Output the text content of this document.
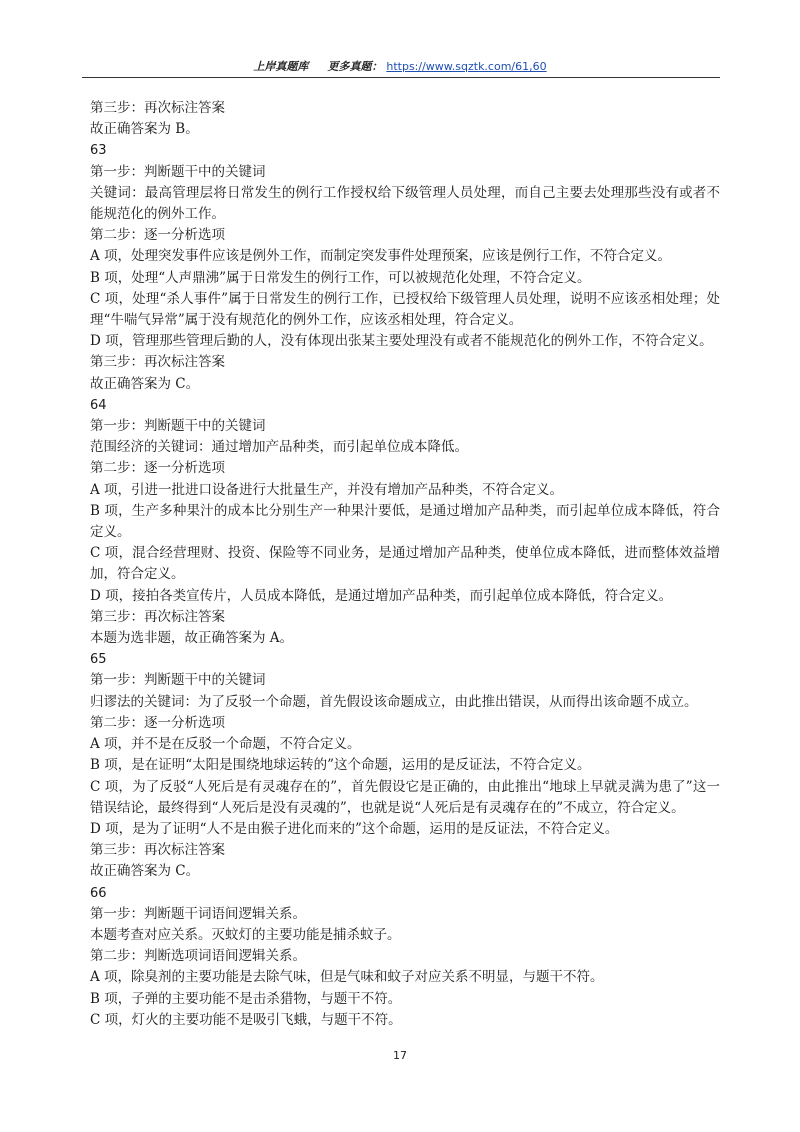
上岸真题库 更多真题： https://www.sqztk.com/61,60

第三步：再次标注答案

故正确答案为 B。

63

第一步：判断题干中的关键词

关键词：最高管理层将日常发生的例行工作授权给下级管理人员处理，而自己主要去处理那些没有或者不能规范化的例外工作。

第二步：逐一分析选项

A 项，处理突发事件应该是例外工作，而制定突发事件处理预案，应该是例行工作，不符合定义。

B 项，处理“人声鼎沸”属于日常发生的例行工作，可以被规范化处理，不符合定义。

C 项，处理“杀人事件”属于日常发生的例行工作，已授权给下级管理人员处理，说明不应该丞相处理；处理“牛喘气异常”属于没有规范化的例外工作，应该丞相处理，符合定义。

D 项，管理那些管理后勤的人，没有体现出张某主要处理没有或者不能规范化的例外工作，不符合定义。

第三步：再次标注答案

故正确答案为 C。

64

第一步：判断题干中的关键词

范围经济的关键词：通过增加产品种类，而引起单位成本降低。

第二步：逐一分析选项

A 项，引进一批进口设备进行大批量生产，并没有增加产品种类，不符合定义。

B 项，生产多种果汁的成本比分别生产一种果汁要低，是通过增加产品种类，而引起单位成本降低，符合定义。

C 项，混合经营理财、投资、保险等不同业务，是通过增加产品种类，使单位成本降低，进而整体效益增加，符合定义。

D 项，接拍各类宣传片，人员成本降低，是通过增加产品种类，而引起单位成本降低，符合定义。

第三步：再次标注答案

本题为选非题，故正确答案为 A。

65

第一步：判断题干中的关键词

归谬法的关键词：为了反驳一个命题，首先假设该命题成立，由此推出错误，从而得出该命题不成立。

第二步：逐一分析选项

A 项，并不是在反驳一个命题，不符合定义。

B 项，是在证明“太阳是围绕地球运转的”这个命题，运用的是反证法，不符合定义。

C 项，为了反驳“人死后是有灵魂存在的”，首先假设它是正确的，由此推出“地球上早就灵满为患了”这一错误结论，最终得到“人死后是没有灵魂的”，也就是说“人死后是有灵魂存在的”不成立，符合定义。

D 项，是为了证明“人不是由猴子进化而来的”这个命题，运用的是反证法，不符合定义。

第三步：再次标注答案

故正确答案为 C。

66

第一步：判断题干词语间逻辑关系。

本题考查对应关系。灭蚊灯的主要功能是捕杀蚊子。

第二步：判断选项词语间逻辑关系。

A 项，除臭剂的主要功能是去除气味，但是气味和蚊子对应关系不明显，与题干不符。

B 项，子弹的主要功能不是击杀猎物，与题干不符。

C 项，灯火的主要功能不是吸引飞蛾，与题干不符。

17
